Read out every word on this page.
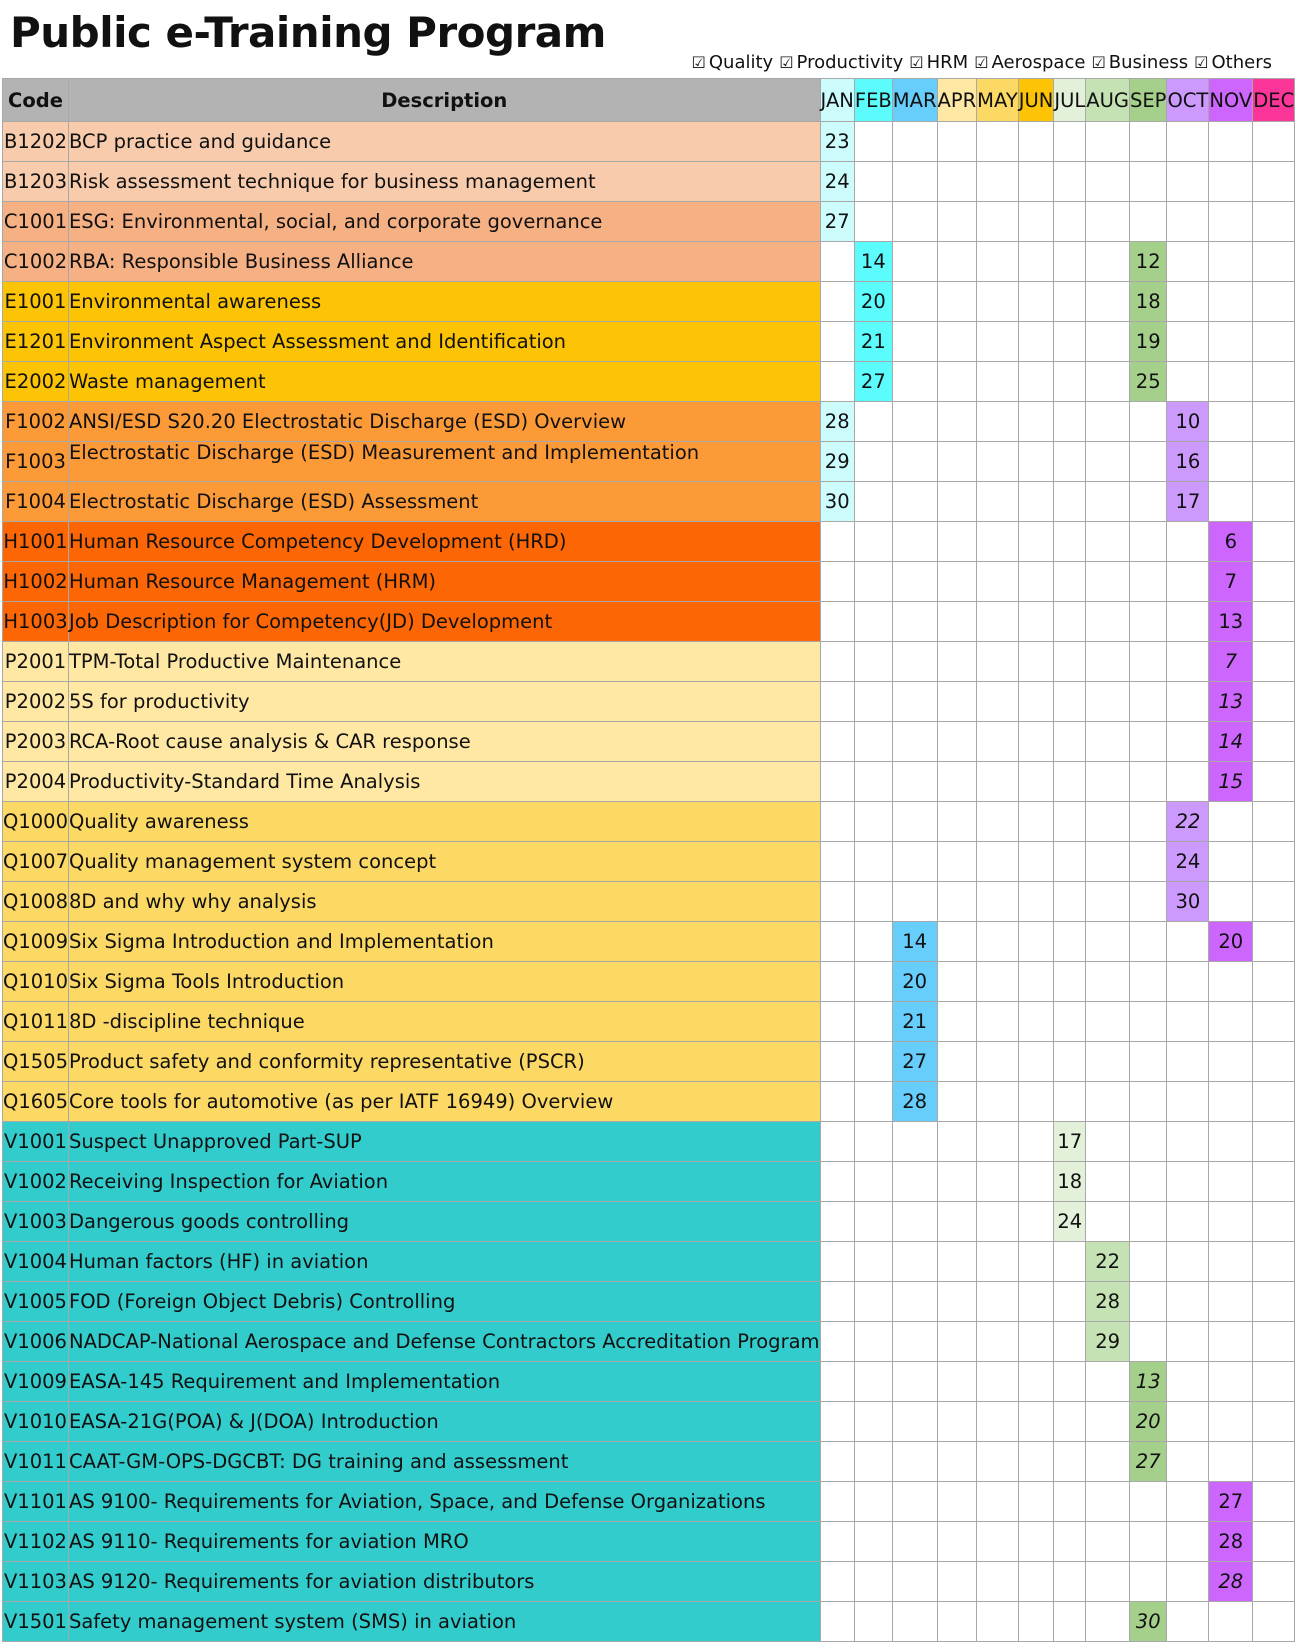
Public e-Training Program
☑ Quality ☑ Productivity ☑ HRM ☑ Aerospace ☑ Business ☑ Others
Code	Description	JAN	FEB	MAR	APR	MAY	JUN	JUL	AUG	SEP	OCT	NOV	DEC
B1202	BCP practice and guidance	23											
B1203	Risk assessment technique for business management	24											
C1001	ESG: Environmental, social, and corporate governance	27											
C1002	RBA: Responsible Business Alliance		14							12			
E1001	Environmental awareness		20							18			
E1201	Environment Aspect Assessment and Identification		21							19			
E2002	Waste management		27							25			
F1002	ANSI/ESD S20.20 Electrostatic Discharge (ESD) Overview	28									10		
F1003	Electrostatic Discharge (ESD) Measurement and Implementation	29									16		
F1004	Electrostatic Discharge (ESD) Assessment	30									17		
H1001	Human Resource Competency Development (HRD)											6	
H1002	Human Resource Management (HRM)											7	
H1003	Job Description for Competency(JD) Development											13	
P2001	TPM-Total Productive Maintenance											7	
P2002	5S for productivity											13	
P2003	RCA-Root cause analysis & CAR response											14	
P2004	Productivity-Standard Time Analysis											15	
Q1000	Quality awareness										22		
Q1007	Quality management system concept										24		
Q1008	8D and why why analysis										30		
Q1009	Six Sigma Introduction and Implementation			14								20	
Q1010	Six Sigma Tools Introduction			20									
Q1011	8D -discipline technique			21									
Q1505	Product safety and conformity representative (PSCR)			27									
Q1605	Core tools for automotive (as per IATF 16949) Overview			28									
V1001	Suspect Unapproved Part-SUP							17					
V1002	Receiving Inspection for Aviation							18					
V1003	Dangerous goods controlling							24					
V1004	Human factors (HF) in aviation								22				
V1005	FOD (Foreign Object Debris) Controlling								28				
V1006	NADCAP-National Aerospace and Defense Contractors Accreditation Program								29				
V1009	EASA-145 Requirement and Implementation									13			
V1010	EASA-21G(POA) & J(DOA) Introduction									20			
V1011	CAAT-GM-OPS-DGCBT: DG training and assessment									27			
V1101	AS 9100- Requirements for Aviation, Space, and Defense Organizations											27	
V1102	AS 9110- Requirements for aviation MRO											28	
V1103	AS 9120- Requirements for aviation distributors											28	
V1501	Safety management system (SMS) in aviation									30			
